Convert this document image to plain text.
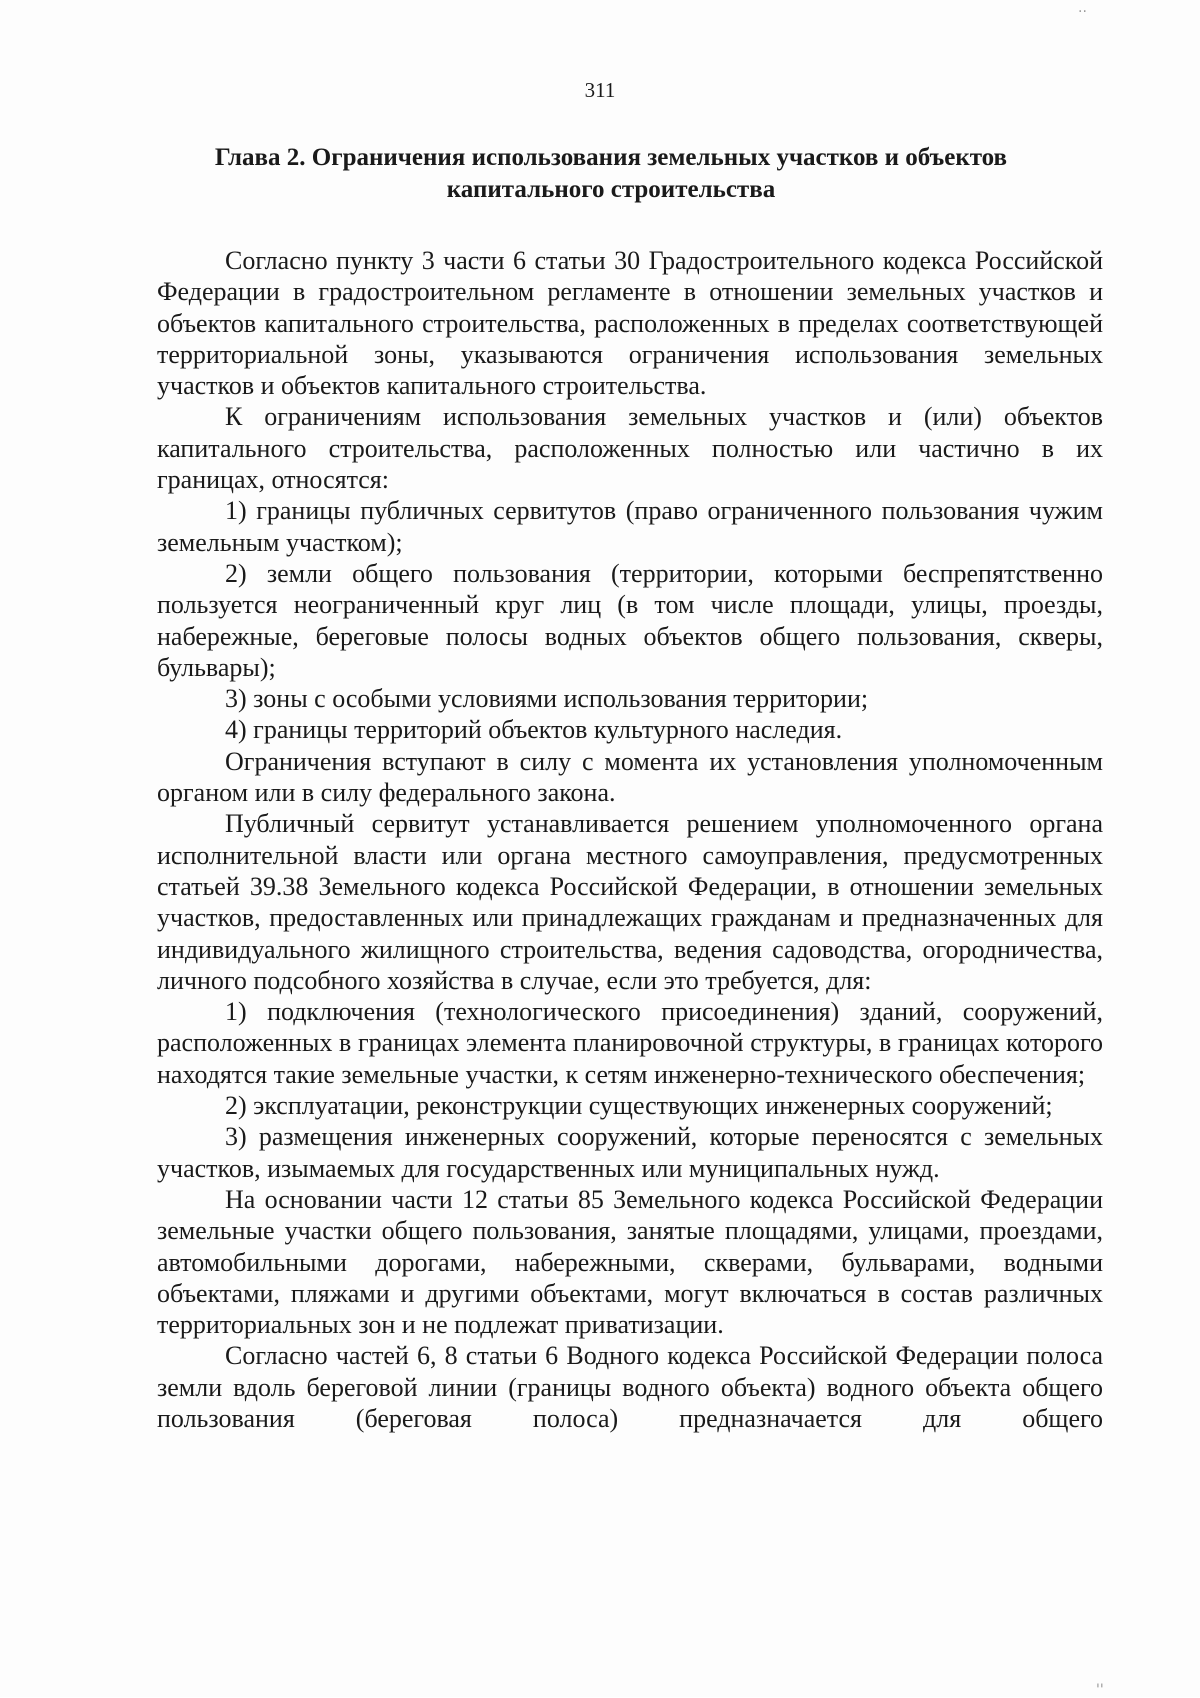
..
311
Глава 2. Ограничения использования земельных участков и объектов
капитального строительства

Согласно пункту 3 части 6 статьи 30 Градостроительного кодекса Российской Федерации в градостроительном регламенте в отношении земельных участков и объектов капитального строительства, расположенных в пределах соответствующей территориальной зоны, указываются ограничения использования земельных участков и объектов капитального строительства.

К ограничениям использования земельных участков и (или) объектов капитального строительства, расположенных полностью или частично в их границах, относятся:

1) границы публичных сервитутов (право ограниченного пользования чужим земельным участком);

2) земли общего пользования (территории, которыми беспрепятственно пользуется неограниченный круг лиц (в том числе площади, улицы, проезды, набережные, береговые полосы водных объектов общего пользования, скверы, бульвары);

3) зоны с особыми условиями использования территории;

4) границы территорий объектов культурного наследия.

Ограничения вступают в силу с момента их установления уполномоченным органом или в силу федерального закона.

Публичный сервитут устанавливается решением уполномоченного органа исполнительной власти или органа местного самоуправления, предусмотренных статьей 39.38 Земельного кодекса Российской Федерации, в отношении земельных участков, предоставленных или принадлежащих гражданам и предназначенных для индивидуального жилищного строительства, ведения садоводства, огородничества, личного подсобного хозяйства в случае, если это требуется, для:

1) подключения (технологического присоединения) зданий, сооружений, расположенных в границах элемента планировочной структуры, в границах которого находятся такие земельные участки, к сетям инженерно-технического обеспечения;

2) эксплуатации, реконструкции существующих инженерных сооружений;

3) размещения инженерных сооружений, которые переносятся с земельных участков, изымаемых для государственных или муниципальных нужд.

На основании части 12 статьи 85 Земельного кодекса Российской Федерации земельные участки общего пользования, занятые площадями, улицами, проездами, автомобильными дорогами, набережными, скверами, бульварами, водными объектами, пляжами и другими объектами, могут включаться в состав различных территориальных зон и не подлежат приватизации.

Согласно частей 6, 8 статьи 6 Водного кодекса Российской Федерации полоса земли вдоль береговой линии (границы водного объекта) водного объекта общего пользования (береговая полоса) предназначается для общего

''
